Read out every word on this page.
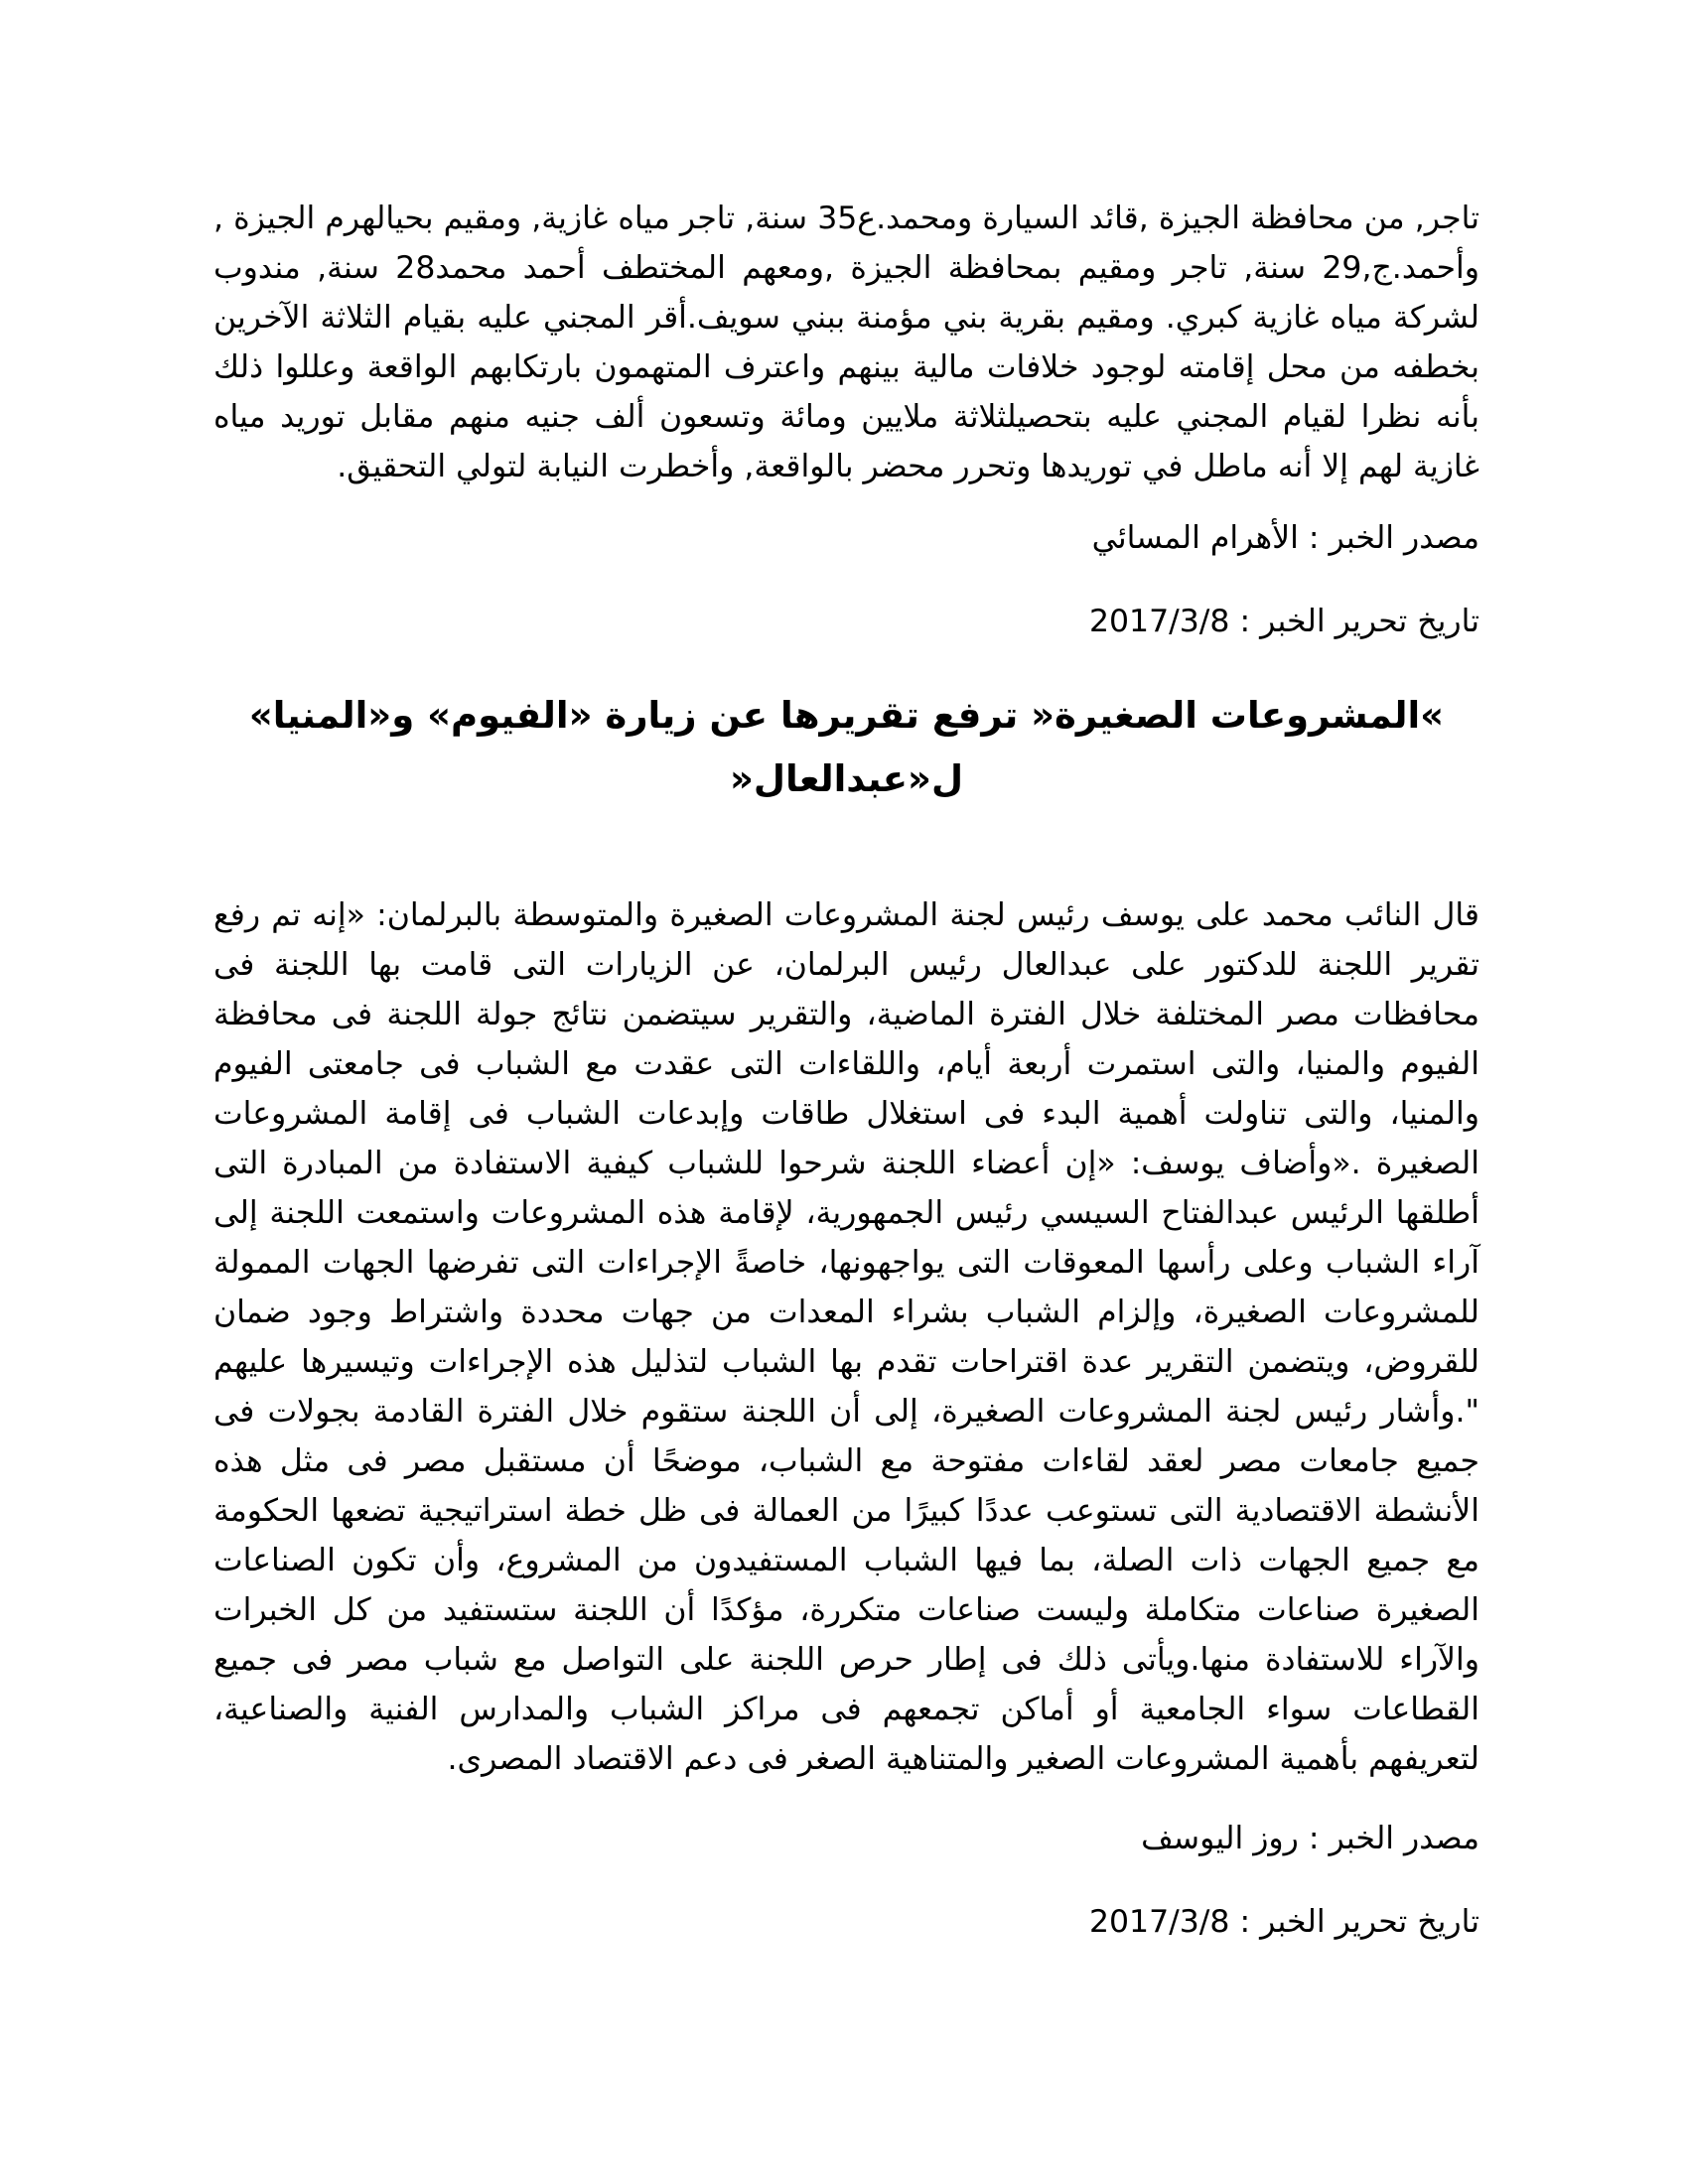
تاجر, من محافظة الجيزة ,قائد السيارة ومحمد.ع35 سنة, تاجر مياه غازية, ومقيم بحيالهرم الجيزة , وأحمد.ج,29 سنة, تاجر ومقيم بمحافظة الجيزة ,ومعهم المختطف أحمد محمد28 سنة, مندوب لشركة مياه غازية كبري. ومقيم بقرية بني مؤمنة ببني سويف.أقر المجني عليه بقيام الثلاثة الآخرين بخطفه من محل إقامته لوجود خلافات مالية بينهم واعترف المتهمون بارتكابهم الواقعة وعللوا ذلك بأنه نظرا لقيام المجني عليه بتحصيلثلاثة ملايين ومائة وتسعون ألف جنيه منهم مقابل توريد مياه غازية لهم إلا أنه ماطل في توريدها وتحرر محضر بالواقعة, وأخطرت النيابة لتولي التحقيق.

مصدر الخبر : الأهرام المسائي

تاريخ تحرير الخبر : 2017/3/8

»المشروعات الصغيرة« ترفع تقريرها عن زيارة «الفيوم» و«المنيا» ل«عبدالعال«

قال النائب محمد على يوسف رئيس لجنة المشروعات الصغيرة والمتوسطة بالبرلمان: «إنه تم رفع تقرير اللجنة للدكتور على عبدالعال رئيس البرلمان، عن الزيارات التى قامت بها اللجنة فى محافظات مصر المختلفة خلال الفترة الماضية، والتقرير سيتضمن نتائج جولة اللجنة فى محافظة الفيوم والمنيا، والتى استمرت أربعة أيام، واللقاءات التى عقدت مع الشباب فى جامعتى الفيوم والمنيا، والتى تناولت أهمية البدء فى استغلال طاقات وإبدعات الشباب فى إقامة المشروعات الصغيرة .«وأضاف يوسف: «إن أعضاء اللجنة شرحوا للشباب كيفية الاستفادة من المبادرة التى أطلقها الرئيس عبدالفتاح السيسي رئيس الجمهورية، لإقامة هذه المشروعات واستمعت اللجنة إلى آراء الشباب وعلى رأسها المعوقات التى يواجهونها، خاصةً الإجراءات التى تفرضها الجهات الممولة للمشروعات الصغيرة، وإلزام الشباب بشراء المعدات من جهات محددة واشتراط وجود ضمان للقروض، ويتضمن التقرير عدة اقتراحات تقدم بها الشباب لتذليل هذه الإجراءات وتيسيرها عليهم ".وأشار رئيس لجنة المشروعات الصغيرة، إلى أن اللجنة ستقوم خلال الفترة القادمة بجولات فى جميع جامعات مصر لعقد لقاءات مفتوحة مع الشباب، موضحًا أن مستقبل مصر فى مثل هذه الأنشطة الاقتصادية التى تستوعب عددًا كبيرًا من العمالة فى ظل خطة استراتيجية تضعها الحكومة مع جميع الجهات ذات الصلة، بما فيها الشباب المستفيدون من المشروع، وأن تكون الصناعات الصغيرة صناعات متكاملة وليست صناعات متكررة، مؤكدًا أن اللجنة ستستفيد من كل الخبرات والآراء للاستفادة منها.ويأتى ذلك فى إطار حرص اللجنة على التواصل مع شباب مصر فى جميع القطاعات سواء الجامعية أو أماكن تجمعهم فى مراكز الشباب والمدارس الفنية والصناعية، لتعريفهم بأهمية المشروعات الصغير والمتناهية الصغر فى دعم الاقتصاد المصرى.

مصدر الخبر : روز اليوسف

تاريخ تحرير الخبر : 2017/3/8
